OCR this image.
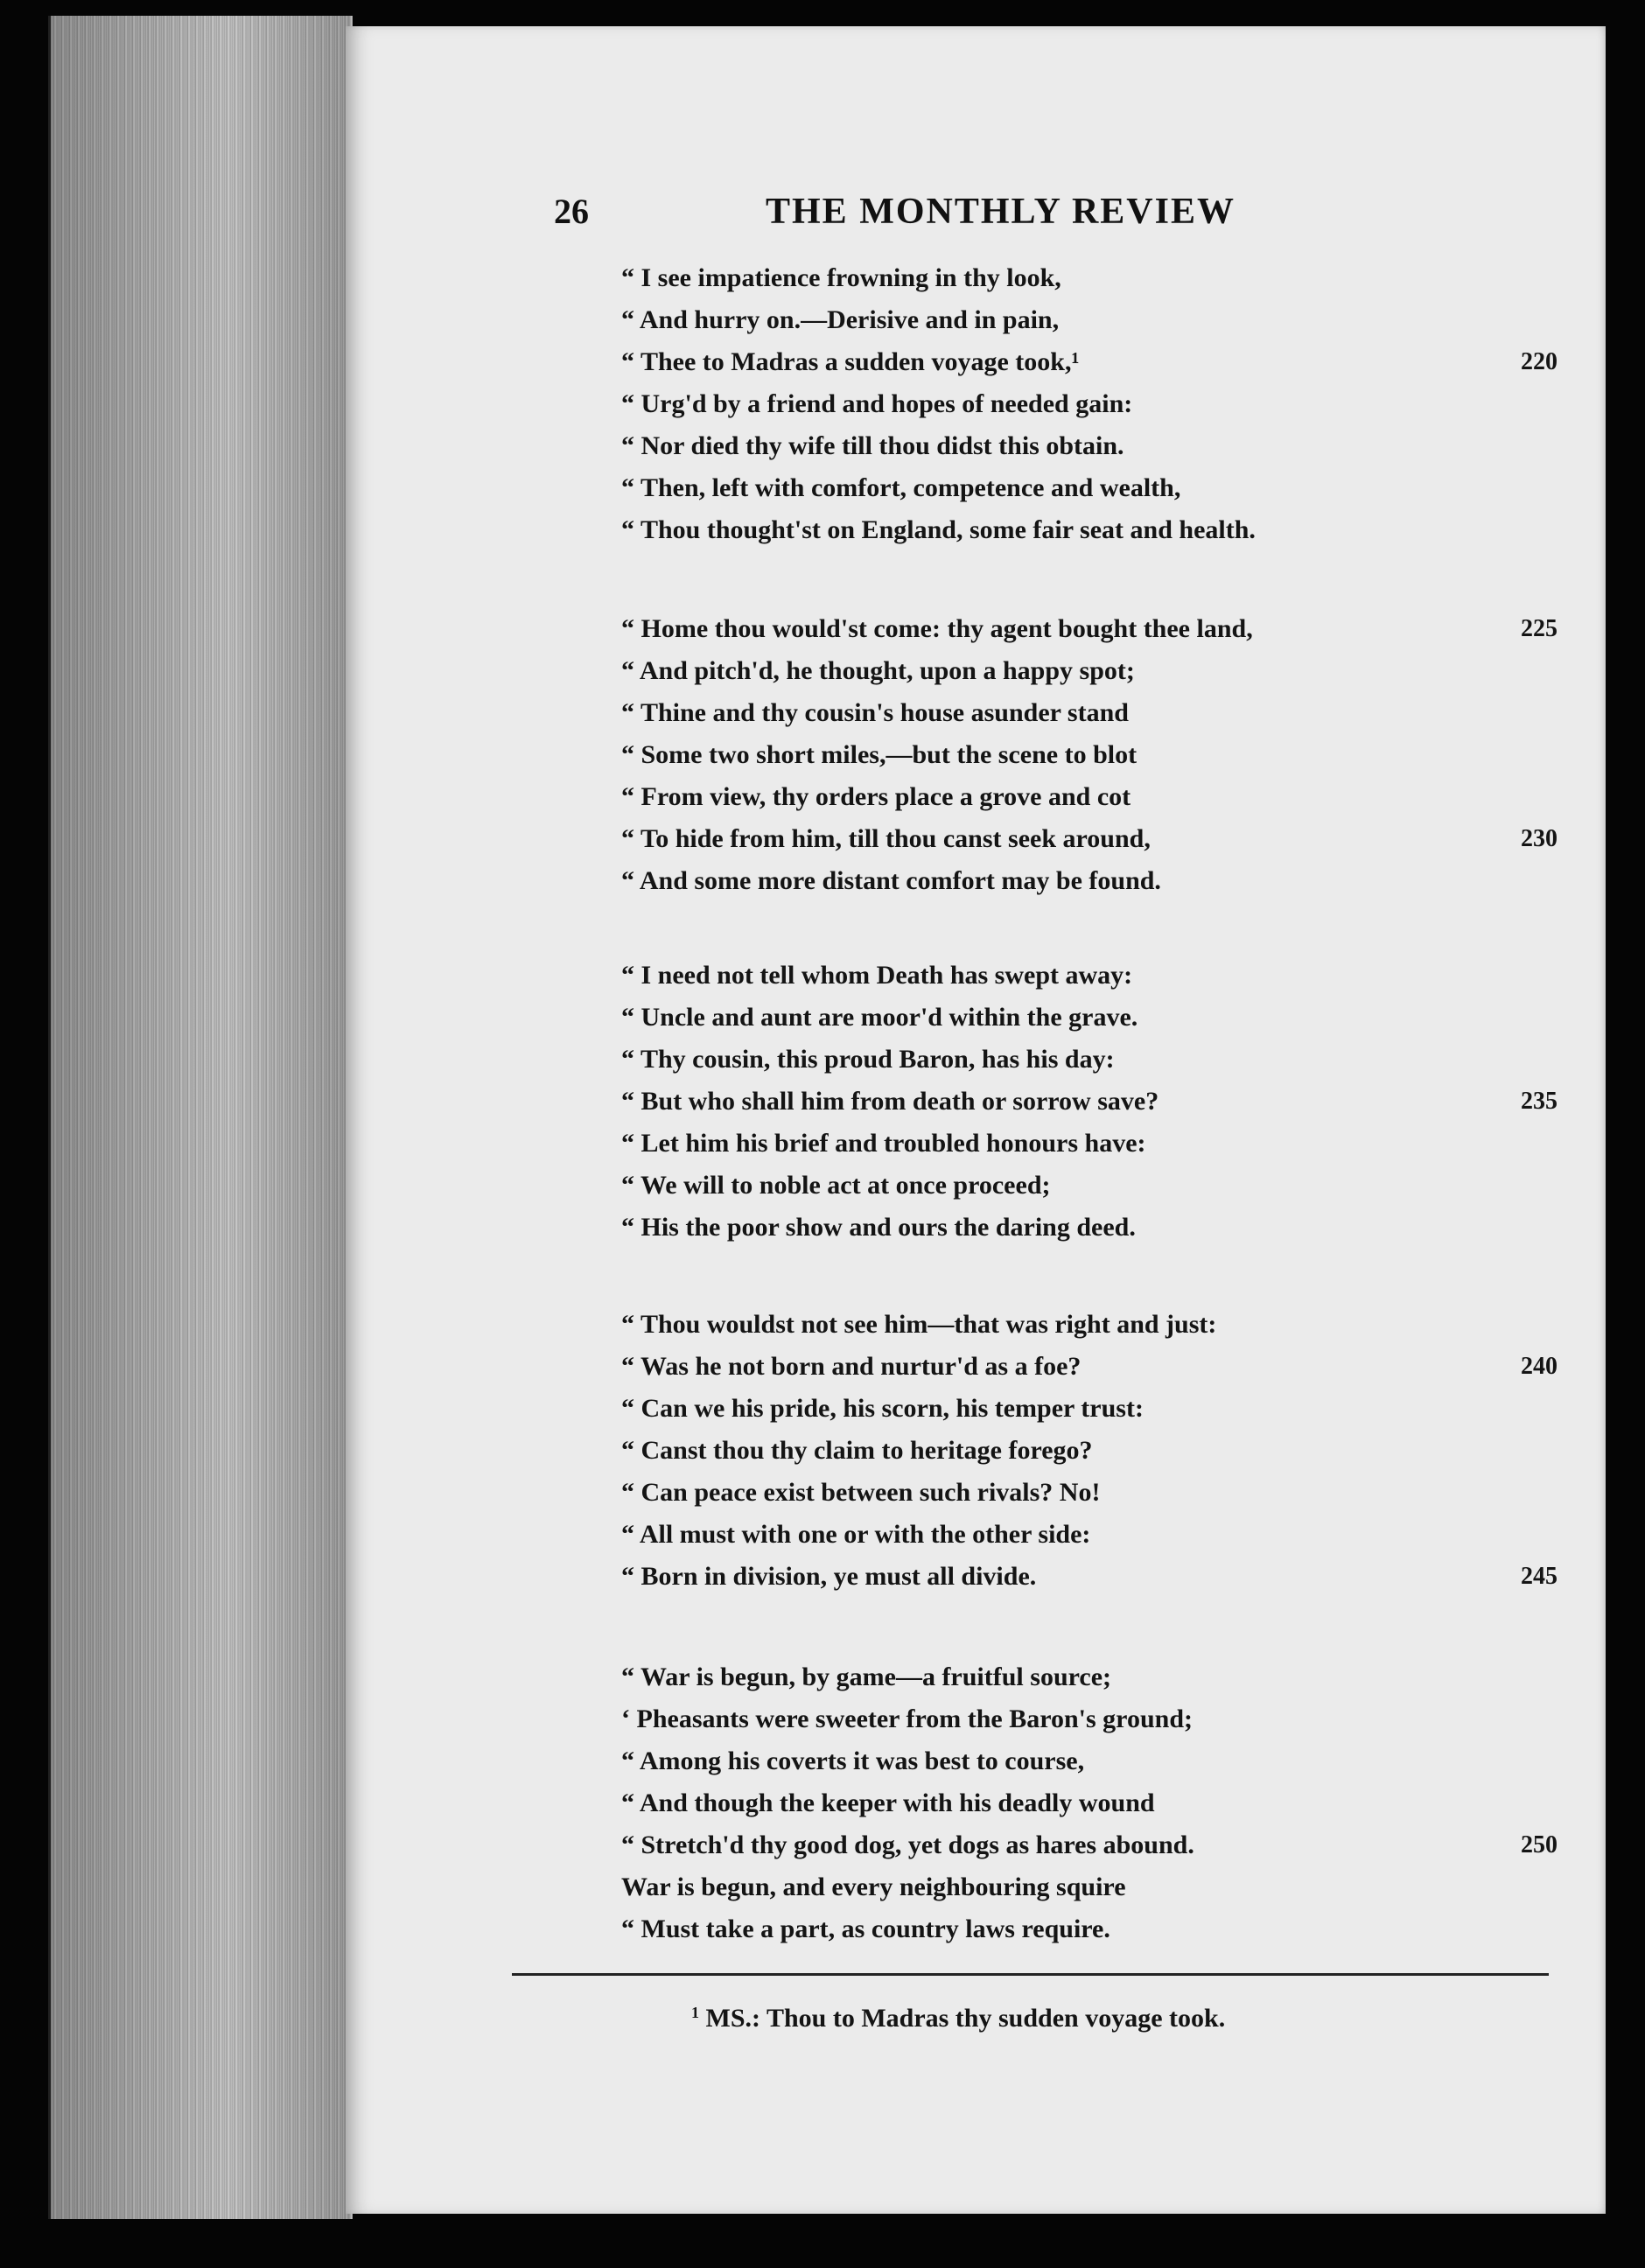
26	THE MONTHLY REVIEW
“ I see impatience frowning in thy look,
“ And hurry on.—Derisive and in pain,
“ Thee to Madras a sudden voyage took,¹	220
“ Urg'd by a friend and hopes of needed gain:
“ Nor died thy wife till thou didst this obtain.
“ Then, left with comfort, competence and wealth,
“ Thou thought'st on England, some fair seat and health.
“ Home thou would'st come: thy agent bought thee land,	225
“ And pitch'd, he thought, upon a happy spot;
“ Thine and thy cousin's house asunder stand
“ Some two short miles,—but the scene to blot
“ From view, thy orders place a grove and cot
“ To hide from him, till thou canst seek around,	230
“ And some more distant comfort may be found.
“ I need not tell whom Death has swept away:
“ Uncle and aunt are moor'd within the grave.
“ Thy cousin, this proud Baron, has his day:
“ But who shall him from death or sorrow save?	235
“ Let him his brief and troubled honours have:
“ We will to noble act at once proceed;
“ His the poor show and ours the daring deed.
“ Thou wouldst not see him—that was right and just:
“ Was he not born and nurtur'd as a foe?	240
“ Can we his pride, his scorn, his temper trust:
“ Canst thou thy claim to heritage forego?
“ Can peace exist between such rivals? No!
“ All must with one or with the other side:
“ Born in division, ye must all divide.	245
“ War is begun, by game—a fruitful source;
‘ Pheasants were sweeter from the Baron's ground;
“ Among his coverts it was best to course,
“ And though the keeper with his deadly wound
“ Stretch'd thy good dog, yet dogs as hares abound.	250
War is begun, and every neighbouring squire
“ Must take a part, as country laws require.
$^1$ MS.: Thou to Madras thy sudden voyage took.
